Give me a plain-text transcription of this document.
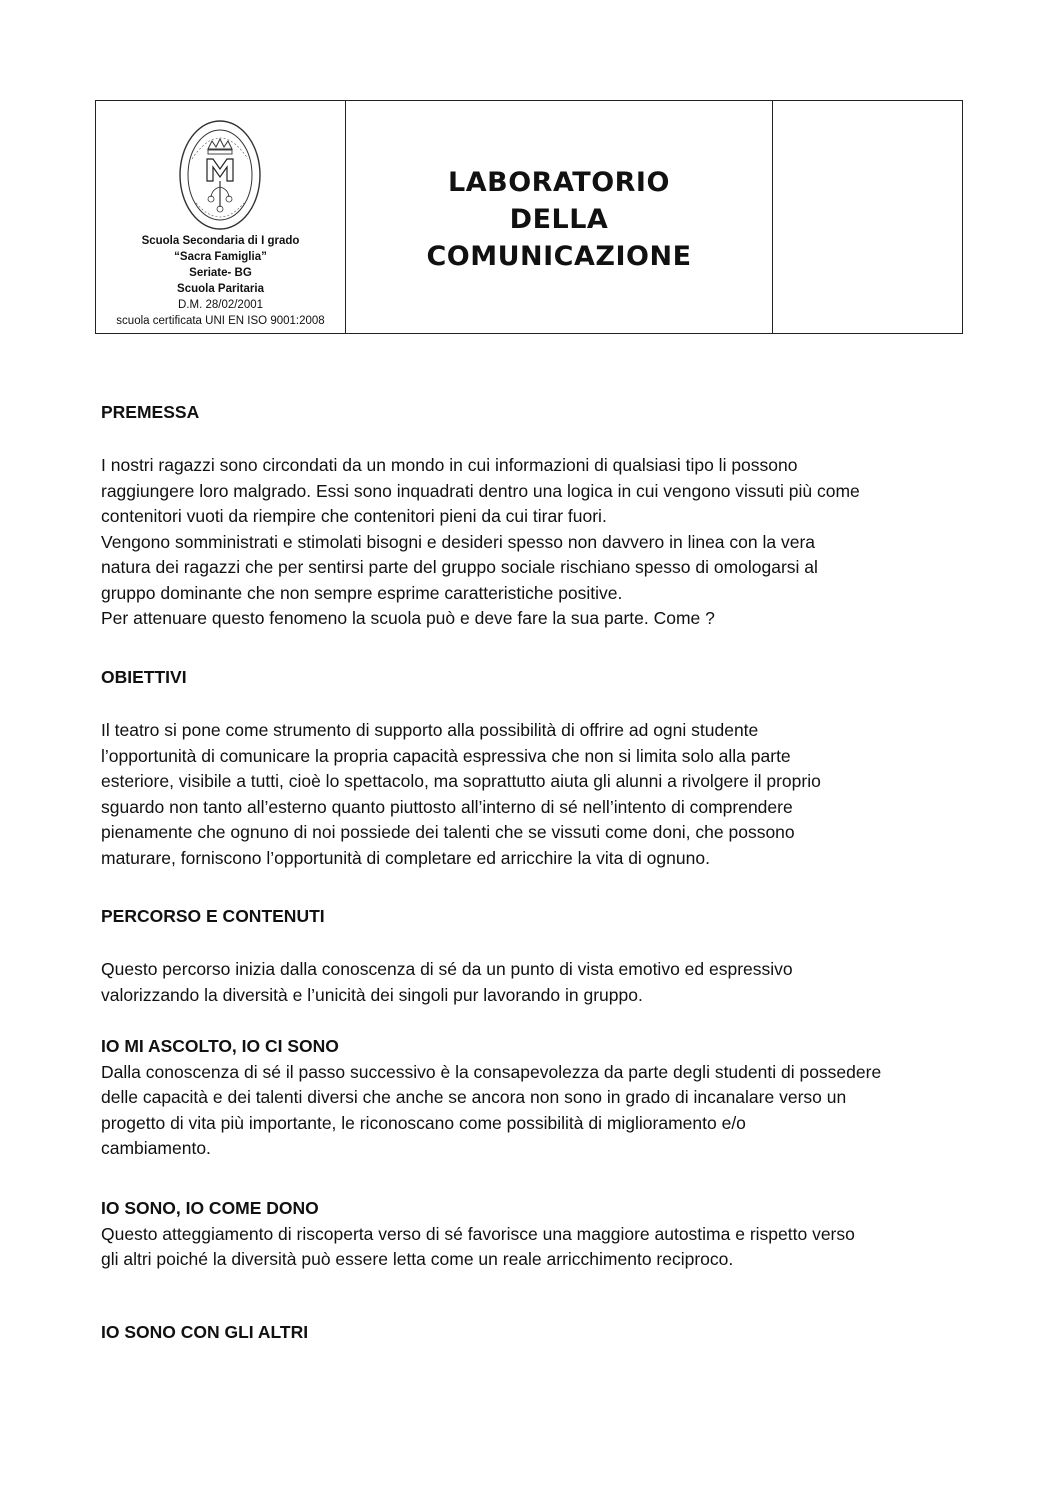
Scuola Secondaria di I grado
“Sacra Famiglia”
Seriate- BG
Scuola Paritaria
D.M. 28/02/2001
scuola certificata UNI EN ISO 9001:2008
LABORATORIO
DELLA
COMUNICAZIONE

PREMESSA

I nostri ragazzi sono circondati da un mondo in cui informazioni di qualsiasi tipo li possono
raggiungere loro malgrado. Essi sono inquadrati dentro una logica in cui vengono vissuti più come
contenitori vuoti da riempire che contenitori pieni da cui tirar fuori.
Vengono somministrati e stimolati bisogni e desideri spesso non davvero in linea con la vera
natura dei ragazzi che per sentirsi parte del gruppo sociale rischiano spesso di omologarsi al
gruppo dominante che non sempre esprime caratteristiche positive.
Per attenuare questo fenomeno la scuola può e deve fare la sua parte. Come ?

OBIETTIVI

Il teatro si pone come strumento di supporto alla possibilità di offrire ad ogni studente
l’opportunità di comunicare la propria capacità espressiva che non si limita solo alla parte
esteriore, visibile a tutti, cioè lo spettacolo, ma soprattutto aiuta gli alunni a rivolgere il proprio
sguardo non tanto all’esterno quanto piuttosto all’interno di sé nell’intento di comprendere
pienamente che ognuno di noi possiede dei talenti che se vissuti come doni, che possono
maturare, forniscono l’opportunità di completare ed arricchire la vita di ognuno.

PERCORSO E CONTENUTI

Questo percorso inizia dalla conoscenza di sé da un punto di vista emotivo ed espressivo
valorizzando la diversità e l’unicità dei singoli pur lavorando in gruppo.

IO MI ASCOLTO, IO CI SONO

Dalla conoscenza di sé il passo successivo è la consapevolezza da parte degli studenti di possedere
delle capacità e dei talenti diversi che anche se ancora non sono in grado di incanalare verso un
progetto di vita più importante, le riconoscano come possibilità di miglioramento e/o
cambiamento.

IO SONO, IO COME DONO

Questo atteggiamento di riscoperta verso di sé favorisce una maggiore autostima e rispetto verso
gli altri poiché la diversità può essere letta come un reale arricchimento reciproco.

IO SONO CON GLI ALTRI
